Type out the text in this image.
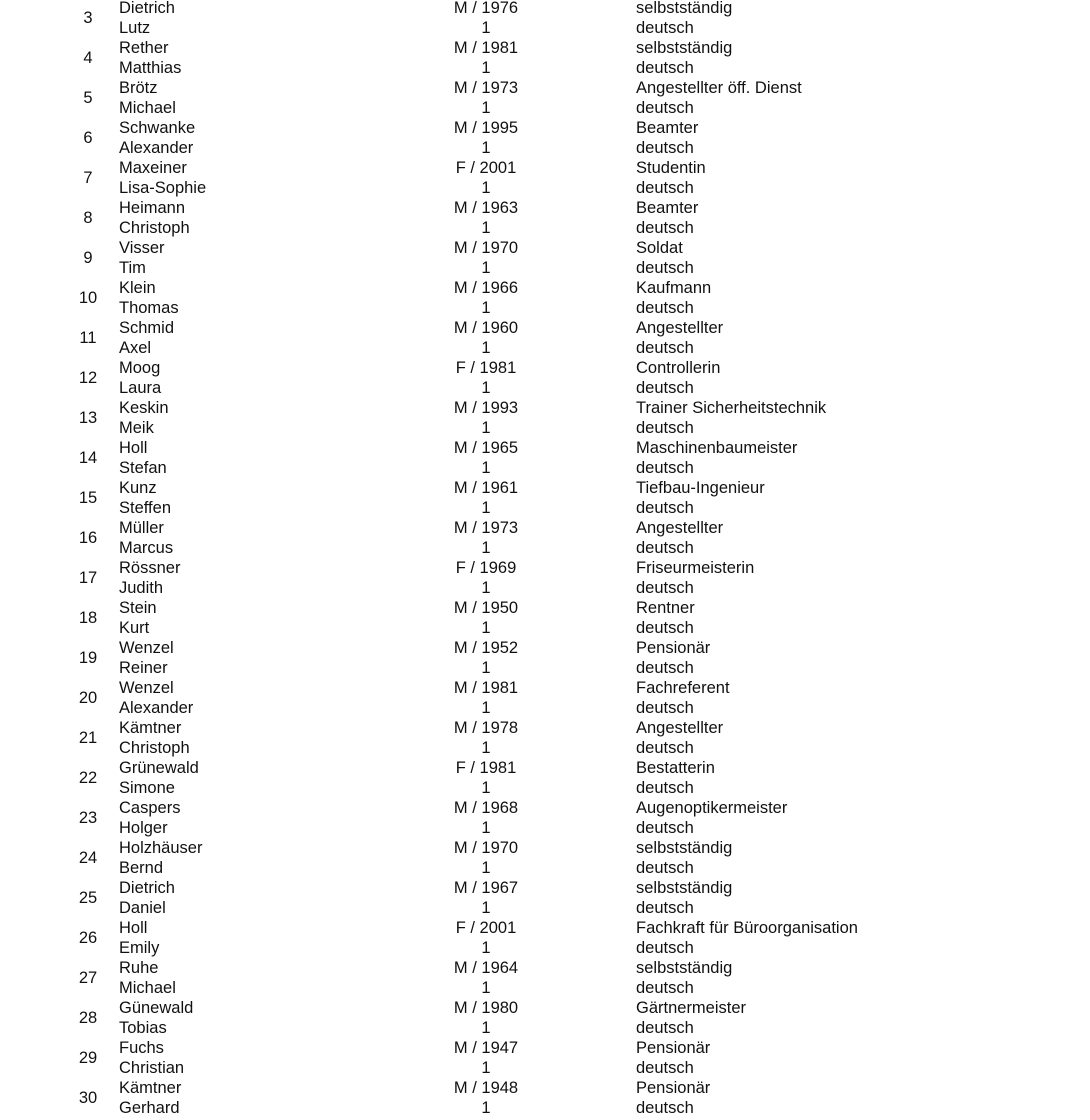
3
Dietrich
Lutz
M / 1976
1
selbstständig
deutsch
4
Rether
Matthias
M / 1981
1
selbstständig
deutsch
5
Brötz
Michael
M / 1973
1
Angestellter öff. Dienst
deutsch
6
Schwanke
Alexander
M / 1995
1
Beamter
deutsch
7
Maxeiner
Lisa-Sophie
F / 2001
1
Studentin
deutsch
8
Heimann
Christoph
M / 1963
1
Beamter
deutsch
9
Visser
Tim
M / 1970
1
Soldat
deutsch
10
Klein
Thomas
M / 1966
1
Kaufmann
deutsch
11
Schmid
Axel
M / 1960
1
Angestellter
deutsch
12
Moog
Laura
F / 1981
1
Controllerin
deutsch
13
Keskin
Meik
M / 1993
1
Trainer Sicherheitstechnik
deutsch
14
Holl
Stefan
M / 1965
1
Maschinenbaumeister
deutsch
15
Kunz
Steffen
M / 1961
1
Tiefbau-Ingenieur
deutsch
16
Müller
Marcus
M / 1973
1
Angestellter
deutsch
17
Rössner
Judith
F / 1969
1
Friseurmeisterin
deutsch
18
Stein
Kurt
M / 1950
1
Rentner
deutsch
19
Wenzel
Reiner
M / 1952
1
Pensionär
deutsch
20
Wenzel
Alexander
M / 1981
1
Fachreferent
deutsch
21
Kämtner
Christoph
M / 1978
1
Angestellter
deutsch
22
Grünewald
Simone
F / 1981
1
Bestatterin
deutsch
23
Caspers
Holger
M / 1968
1
Augenoptikermeister
deutsch
24
Holzhäuser
Bernd
M / 1970
1
selbstständig
deutsch
25
Dietrich
Daniel
M / 1967
1
selbstständig
deutsch
26
Holl
Emily
F / 2001
1
Fachkraft für Büroorganisation
deutsch
27
Ruhe
Michael
M / 1964
1
selbstständig
deutsch
28
Günewald
Tobias
M / 1980
1
Gärtnermeister
deutsch
29
Fuchs
Christian
M / 1947
1
Pensionär
deutsch
30
Kämtner
Gerhard
M / 1948
1
Pensionär
deutsch
